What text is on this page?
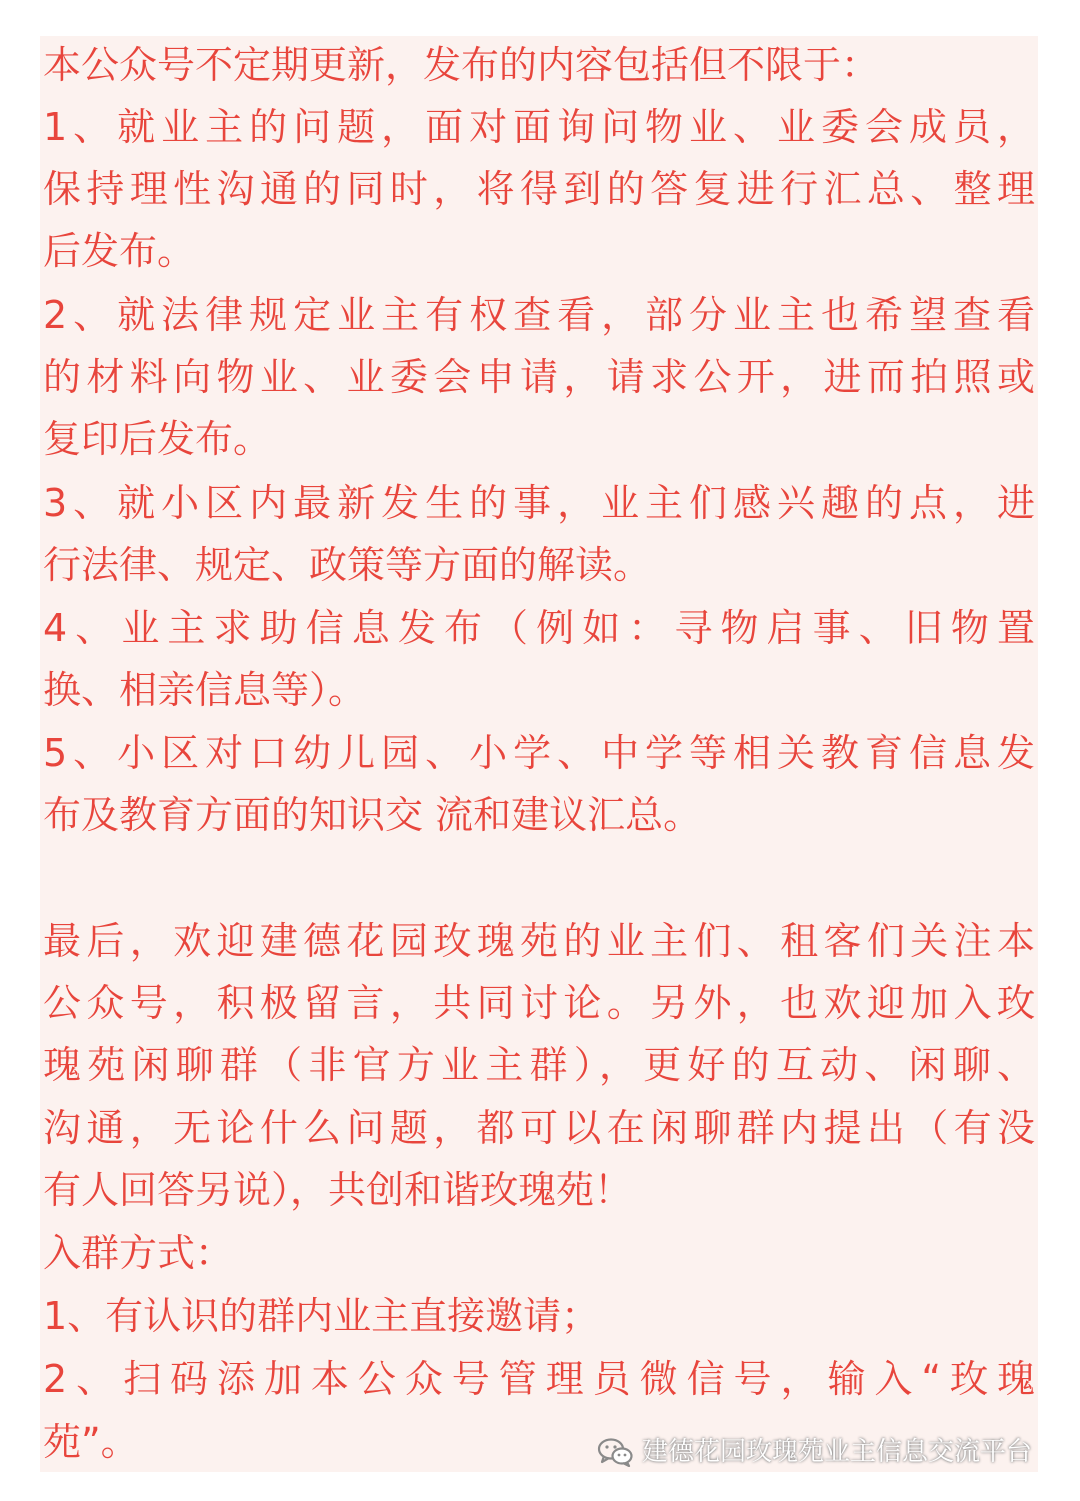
本公众号不定期更新，发布的内容包括但不限于：
1、就业主的问题，面对面询问物业、业委会成员，
保持理性沟通的同时，将得到的答复进行汇总、整理
后发布。
2、就法律规定业主有权查看，部分业主也希望查看
的材料向物业、业委会申请，请求公开，进而拍照或
复印后发布。
3、就小区内最新发生的事，业主们感兴趣的点，进
行法律、规定、政策等方面的解读。
4、业主求助信息发布（例如：寻物启事、旧物置
换、相亲信息等）。
5、小区对口幼儿园、小学、中学等相关教育信息发
布及教育方面的知识交 流和建议汇总。
最后，欢迎建德花园玫瑰苑的业主们、租客们关注本
公众号，积极留言，共同讨论。另外，也欢迎加入玫
瑰苑闲聊群（非官方业主群），更好的互动、闲聊、
沟通，无论什么问题，都可以在闲聊群内提出（有没
有人回答另说），共创和谐玫瑰苑！
入群方式：
1、有认识的群内业主直接邀请；
2、扫码添加本公众号管理员微信号，输入“玫瑰
苑”。	建德花园玫瑰苑业主信息交流平台
